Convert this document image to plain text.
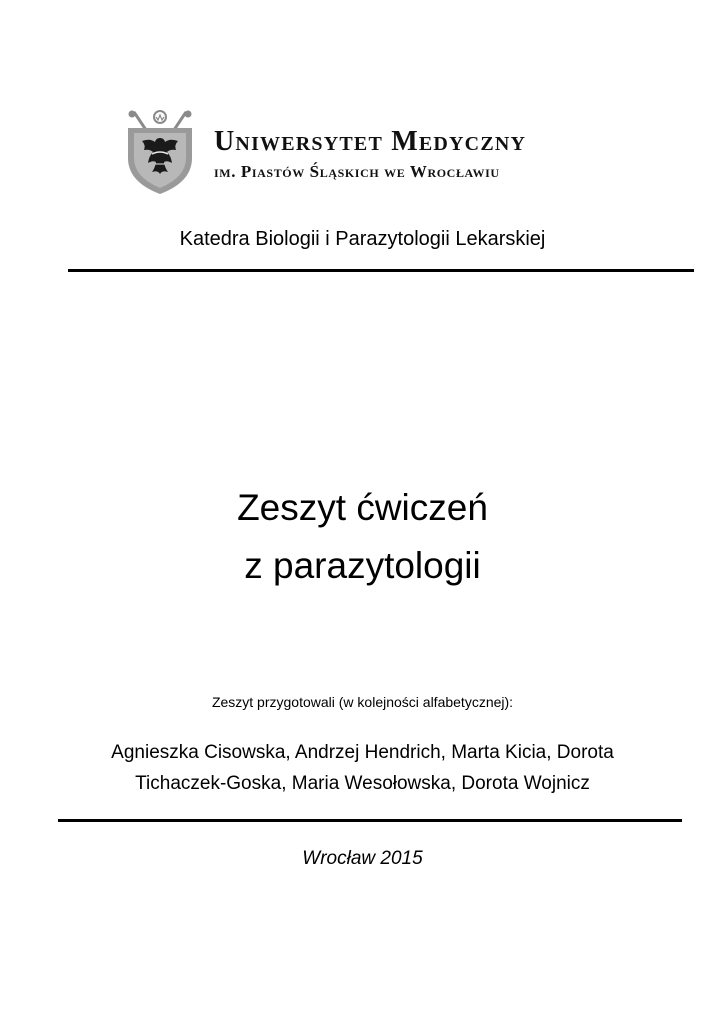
Uniwersytet Medyczny
im. Piastów Śląskich we Wrocławiu
Katedra Biologii i Parazytologii Lekarskiej
Zeszyt ćwiczeń
z parazytologii
Zeszyt przygotowali (w kolejności alfabetycznej):
Agnieszka Cisowska, Andrzej Hendrich, Marta Kicia, Dorota
Tichaczek-Goska, Maria Wesołowska, Dorota Wojnicz
Wrocław 2015
